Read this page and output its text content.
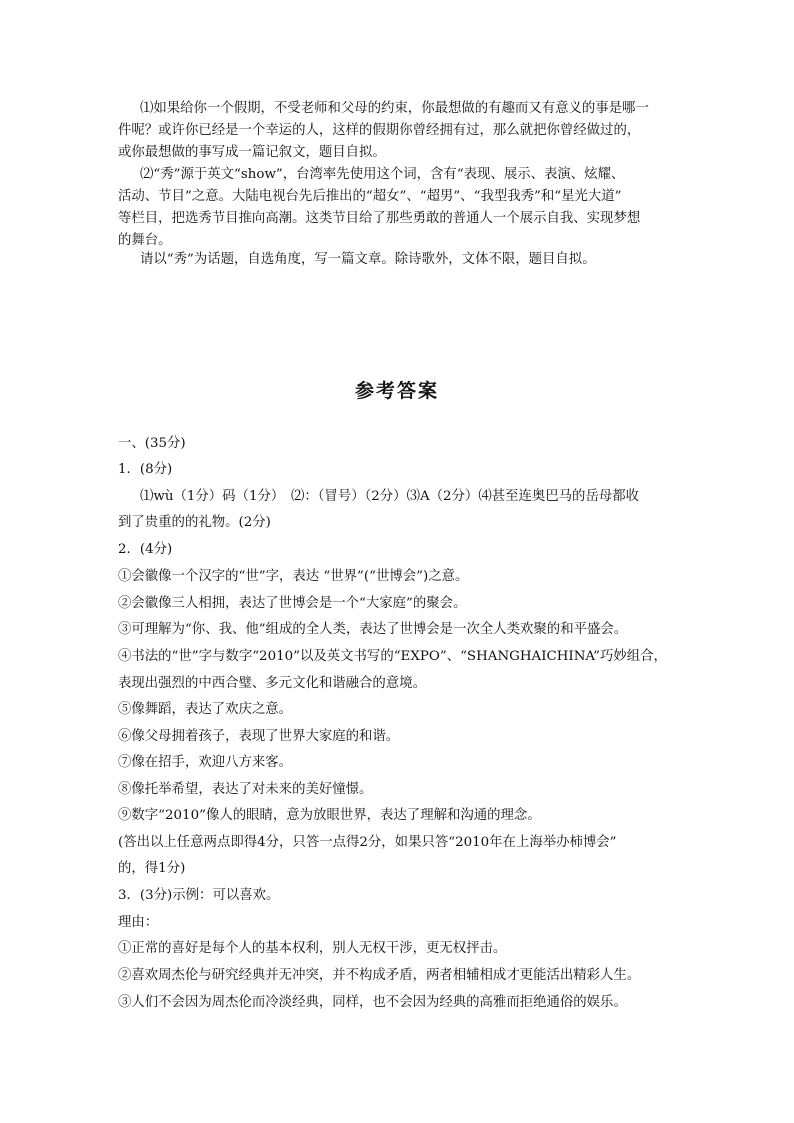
⑴如果给你一个假期，不受老师和父母的约束，你最想做的有趣而又有意义的事是哪一
件呢？或许你已经是一个幸运的人，这样的假期你曾经拥有过，那么就把你曾经做过的，
或你最想做的事写成一篇记叙文，题目自拟。
⑵“秀”源于英文“show”，台湾率先使用这个词，含有“表现、展示、表演、炫耀、
活动、节目”之意。大陆电视台先后推出的“超女”、“超男”、“我型我秀”和“星光大道”
等栏目，把选秀节目推向高潮。这类节目给了那些勇敢的普通人一个展示自我、实现梦想
的舞台。
请以“秀”为话题，自选角度，写一篇文章。除诗歌外，文体不限，题目自拟。
参考答案
一、(35分)
1．(8分)
⑴wù（1分）码（1分）　⑵：（冒号）（2分）⑶A（2分）⑷甚至连奥巴马的岳母都收
到了贵重的的礼物。(2分)
2．(4分)
①会徽像一个汉字的“世”字，表达 “世界”(“世博会”)之意。
②会徽像三人相拥，表达了世博会是一个“大家庭”的聚会。
③可理解为“你、我、他”组成的全人类，表达了世博会是一次全人类欢聚的和平盛会。
④书法的“世”字与数字“2010”以及英文书写的“EXPO”、“SHANGHAICHINA”巧妙组合，
表现出强烈的中西合璧、多元文化和谐融合的意境。
⑤像舞蹈，表达了欢庆之意。
⑥像父母拥着孩子，表现了世界大家庭的和谐。
⑦像在招手，欢迎八方来客。
⑧像托举希望，表达了对未来的美好憧憬。
⑨数字“2010”像人的眼睛，意为放眼世界，表达了理解和沟通的理念。
(答出以上任意两点即得4分，只答一点得2分，如果只答“2010年在上海举办柿博会”
的，得1分)
3．(3分)示例：可以喜欢。
理由：
①正常的喜好是每个人的基本权利，别人无权干涉，更无权抨击。
②喜欢周杰伦与研究经典并无冲突，并不构成矛盾，两者相辅相成才更能活出精彩人生。
③人们不会因为周杰伦而冷淡经典，同样，也不会因为经典的高雅而拒绝通俗的娱乐。
